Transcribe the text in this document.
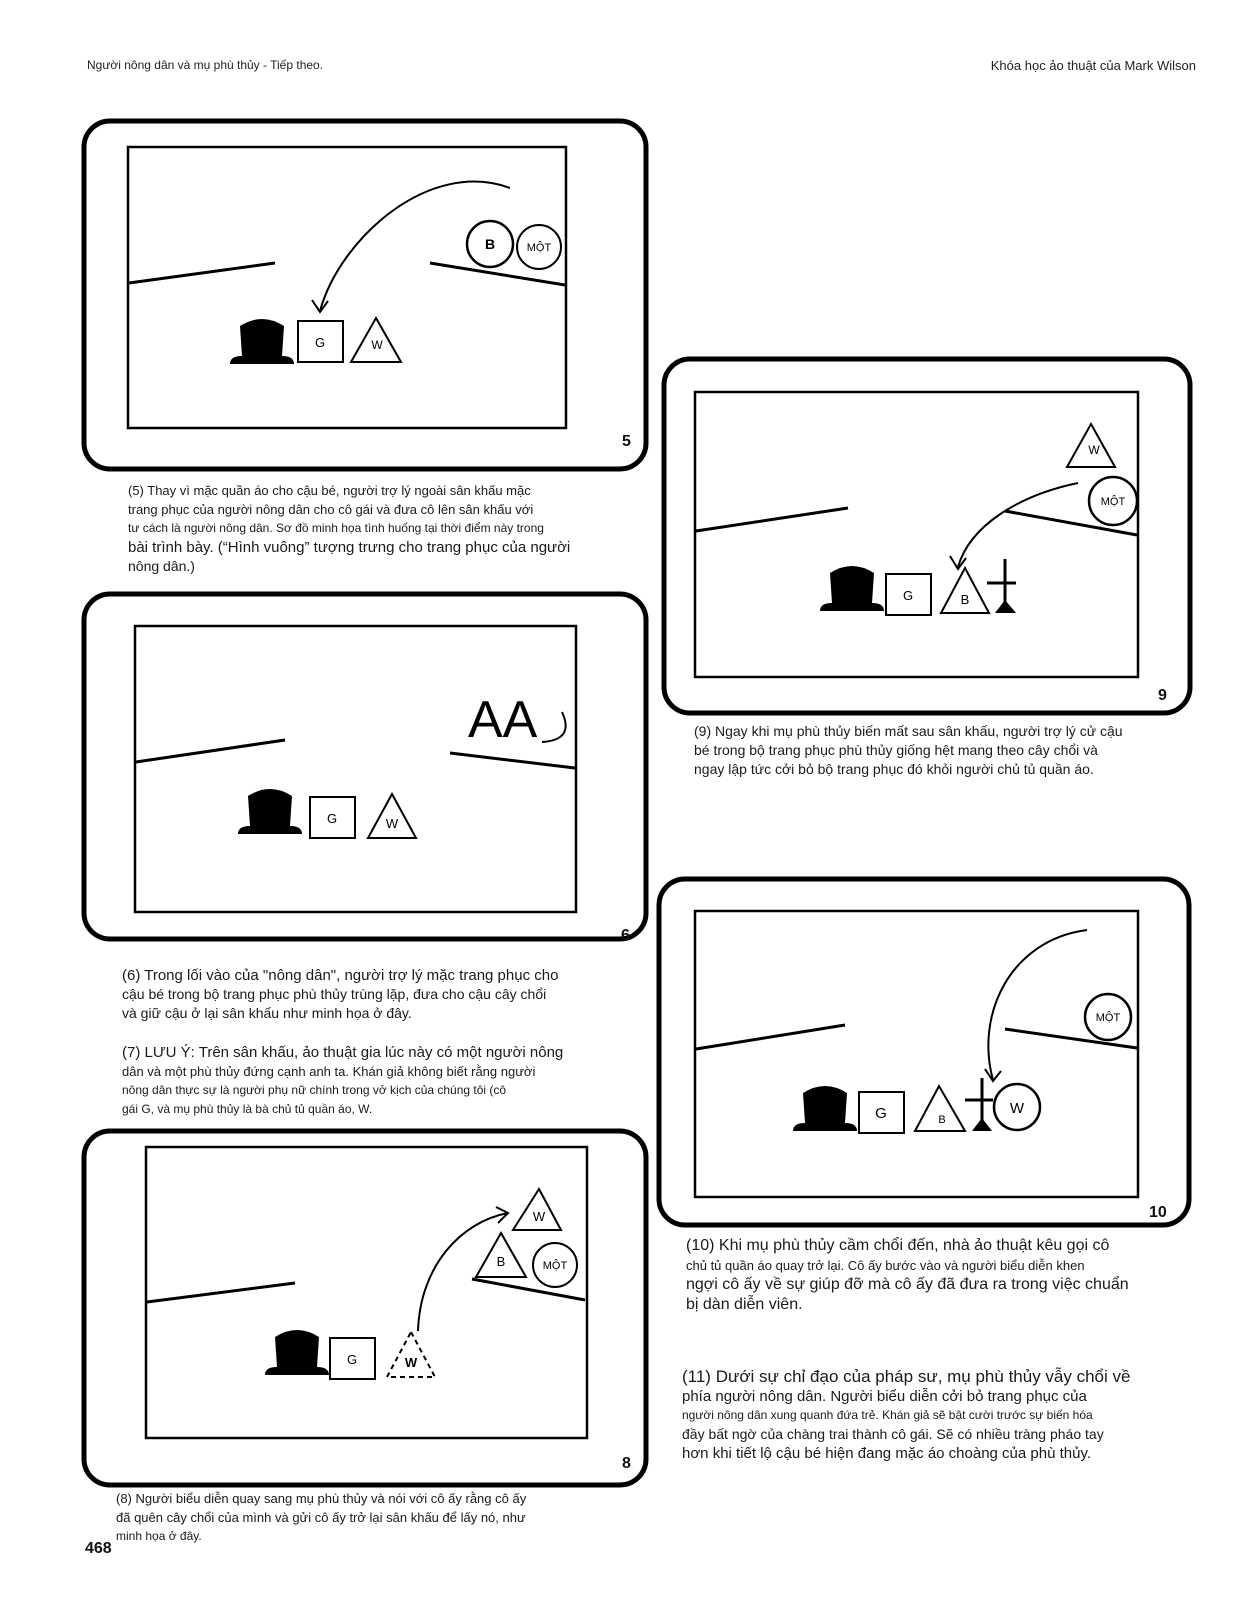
Người nông dân và mụ phù thủy - Tiếp theo.	Khóa học ảo thuật của Mark Wilson
B	MỘT
G	W
5

(5) Thay vì mặc quần áo cho cậu bé, người trợ lý ngoài sân khấu mặc

trang phục của người nông dân cho cô gái và đưa cô lên sân khấu với

tư cách là người nông dân. Sơ đồ minh họa tình huống tại thời điểm này trong

bài trình bày. (“Hình vuông” tượng trưng cho trang phục của người

nông dân.)

AA
G	W
6

(6) Trong lối vào của "nông dân", người trợ lý mặc trang phục cho

cậu bé trong bộ trang phục phù thủy trùng lặp, đưa cho cậu cây chổi

và giữ cậu ở lại sân khấu như minh họa ở đây.

(7) LƯU Ý: Trên sân khấu, ảo thuật gia lúc này có một người nông

dân và một phù thủy đứng cạnh anh ta. Khán giả không biết rằng người

nông dân thực sự là người phụ nữ chính trong vở kịch của chúng tôi (cô

gái G, và mụ phù thủy là bà chủ tủ quần áo, W.

W
B	MỘT
G	W
8

(8) Người biểu diễn quay sang mụ phù thủy và nói với cô ấy rằng cô ấy

đã quên cây chổi của mình và gửi cô ấy trở lại sân khấu để lấy nó, như

minh họa ở đây.

W
MỘT
G	B
9

(9) Ngay khi mụ phù thủy biến mất sau sân khấu, người trợ lý cử cậu

bé trong bộ trang phục phù thủy giống hệt mang theo cây chổi và

ngay lập tức cởi bỏ bộ trang phục đó khỏi người chủ tủ quần áo.

MỘT
G	B
W
10

(10) Khi mụ phù thủy cầm chổi đến, nhà ảo thuật kêu gọi cô

chủ tủ quần áo quay trở lại. Cô ấy bước vào và người biểu diễn khen

ngợi cô ấy về sự giúp đỡ mà cô ấy đã đưa ra trong việc chuẩn

bị dàn diễn viên.

(11) Dưới sự chỉ đạo của pháp sư, mụ phù thủy vẫy chổi về

phía người nông dân. Người biểu diễn cởi bỏ trang phục của

người nông dân xung quanh đứa trẻ. Khán giả sẽ bật cười trước sự biến hóa

đầy bất ngờ của chàng trai thành cô gái. Sẽ có nhiều tràng pháo tay

hơn khi tiết lộ cậu bé hiện đang mặc áo choàng của phù thủy.

468
